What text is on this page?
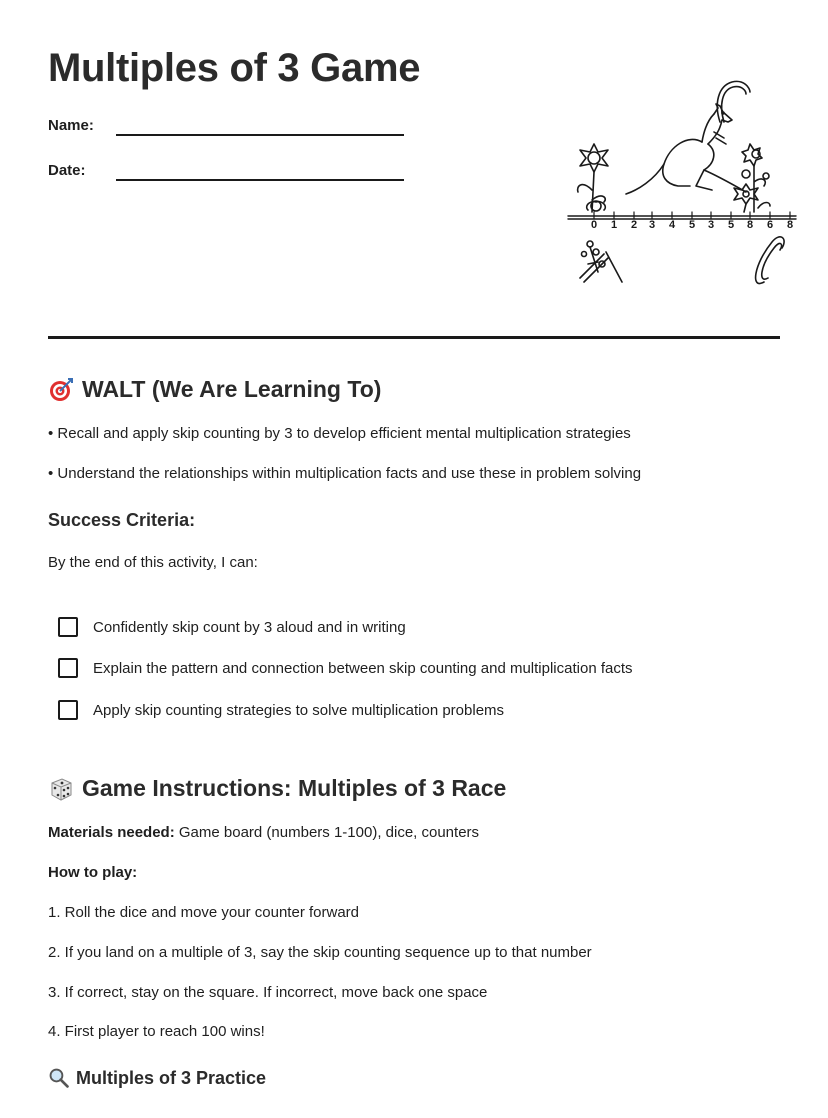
Multiples of 3 Game
Name:
Date:
0 1 2 3 4 5 3 5 8 6 8
WALT (We Are Learning To)

• Recall and apply skip counting by 3 to develop efficient mental multiplication strategies

• Understand the relationships within multiplication facts and use these in problem solving

Success Criteria:

By the end of this activity, I can:

Confidently skip count by 3 aloud and in writing
Explain the pattern and connection between skip counting and multiplication facts
Apply skip counting strategies to solve multiplication problems
Game Instructions: Multiples of 3 Race

Materials needed: Game board (numbers 1-100), dice, counters

How to play:

1. Roll the dice and move your counter forward

2. If you land on a multiple of 3, say the skip counting sequence up to that number

3. If correct, stay on the square. If incorrect, move back one space

4. First player to reach 100 wins!

Multiples of 3 Practice
